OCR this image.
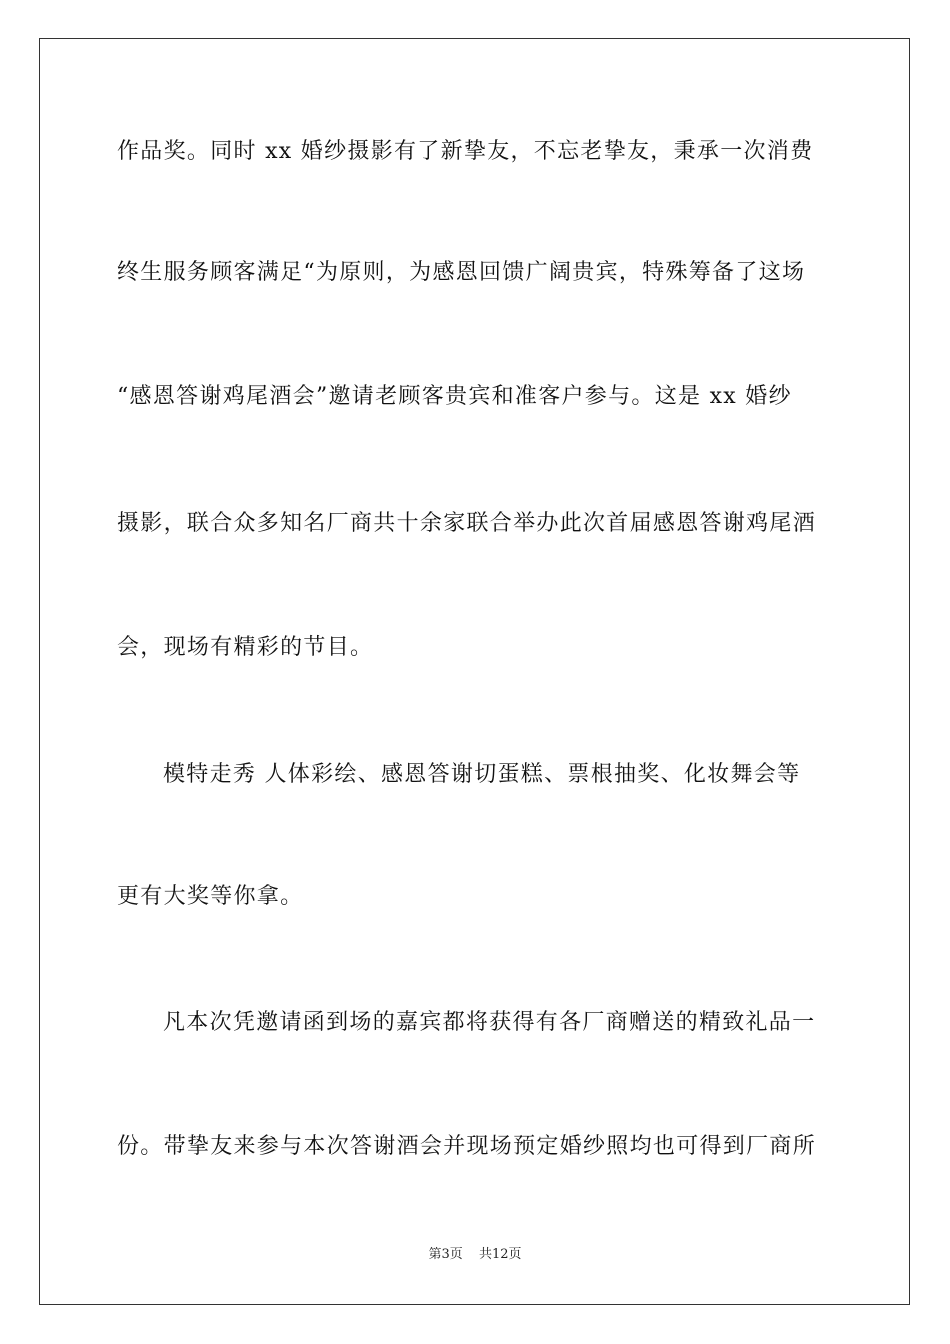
作品奖。同时 xx 婚纱摄影有了新挚友，不忘老挚友，秉承一次消费
终生服务顾客满足“为原则，为感恩回馈广阔贵宾，特殊筹备了这场
“感恩答谢鸡尾酒会”邀请老顾客贵宾和准客户参与。这是 xx 婚纱
摄影，联合众多知名厂商共十余家联合举办此次首届感恩答谢鸡尾酒
会，现场有精彩的节目。
模特走秀 人体彩绘、感恩答谢切蛋糕、票根抽奖、化妆舞会等
更有大奖等你拿。
凡本次凭邀请函到场的嘉宾都将获得有各厂商赠送的精致礼品一
份。带挚友来参与本次答谢酒会并现场预定婚纱照均也可得到厂商所
第3页 共12页
